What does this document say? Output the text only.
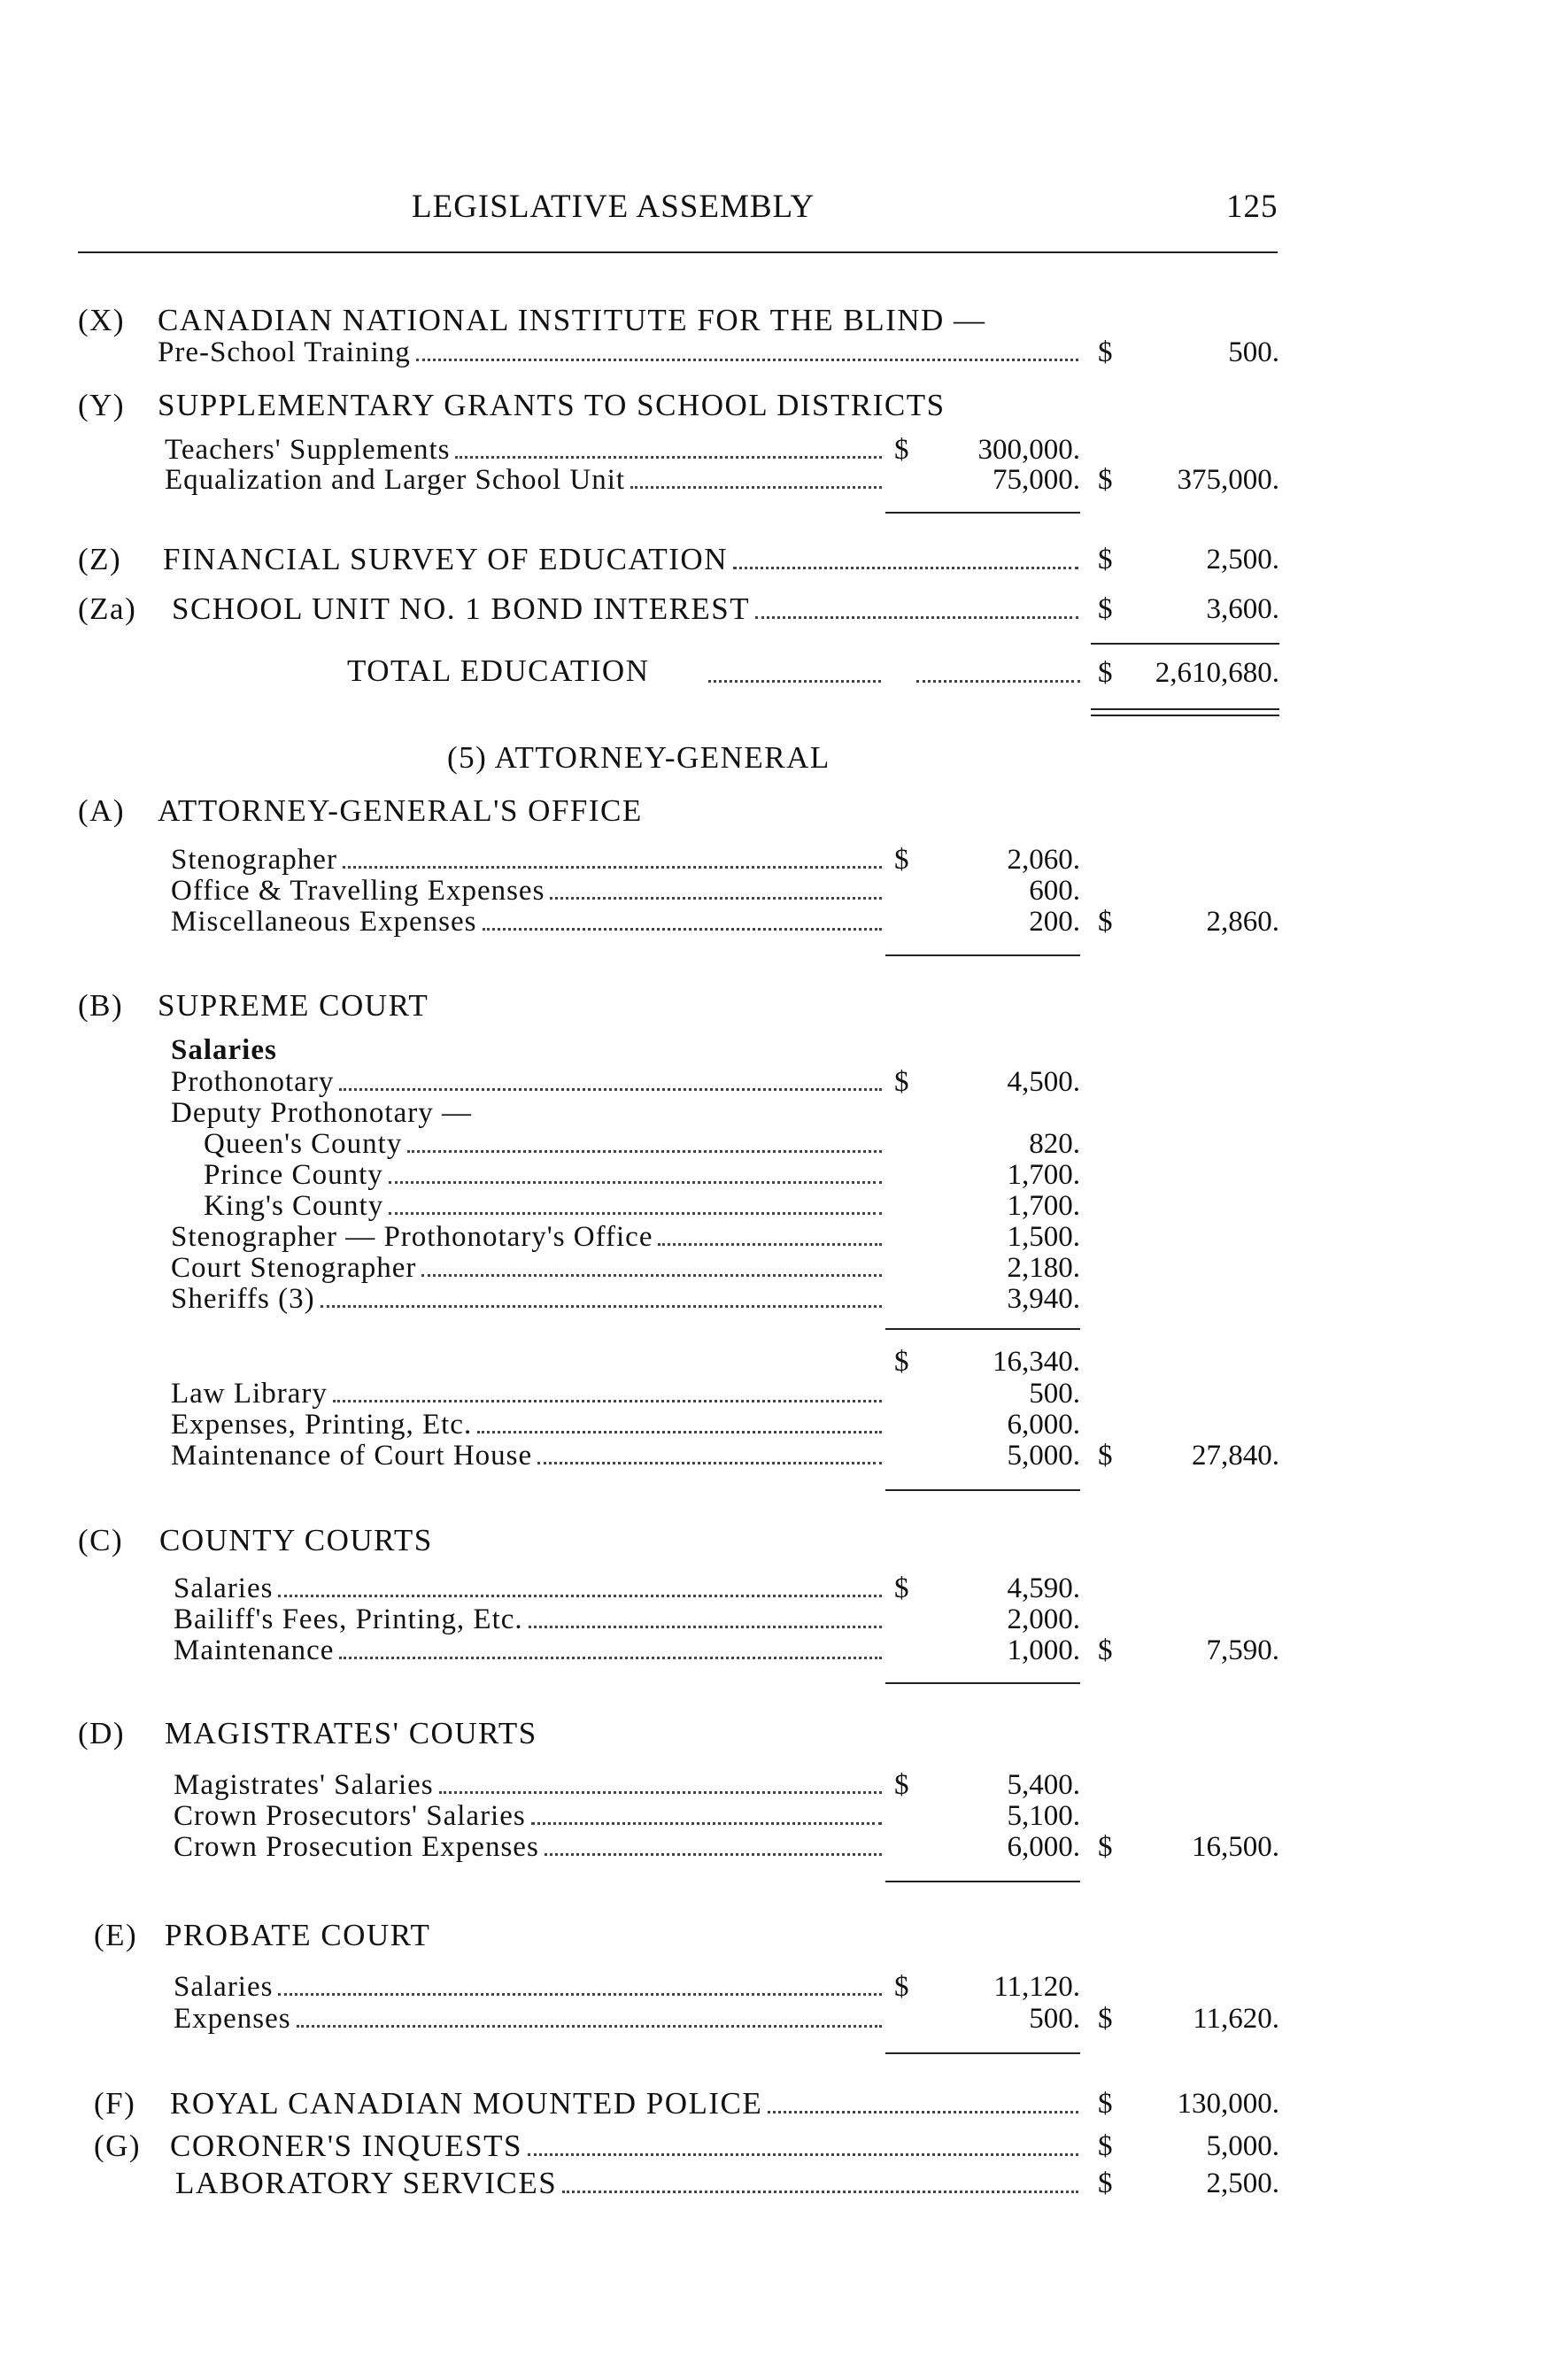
LEGISLATIVE ASSEMBLY	125
(X) CANADIAN NATIONAL INSTITUTE FOR THE BLIND —
Pre-School Training	$	500.
(Y) SUPPLEMENTARY GRANTS TO SCHOOL DISTRICTS
Teachers' Supplements	$	300,000.
Equalization and Larger School Unit	75,000. $	375,000.
(Z)	FINANCIAL SURVEY OF EDUCATION	$	2,500.
(Za)	SCHOOL UNIT NO. 1 BOND INTEREST	$	3,600.
TOTAL EDUCATION	$	2,610,680.
(5) ATTORNEY-GENERAL
(A) ATTORNEY-GENERAL'S OFFICE
Stenographer	$	2,060.
Office & Travelling Expenses	600.
Miscellaneous Expenses	200. $	2,860.
(B) SUPREME COURT
Salaries
Prothonotary	$	4,500.
Deputy Prothonotary —
Queen's County	820.
Prince County	1,700.
King's County	1,700.
Stenographer — Prothonotary's Office	1,500.
Court Stenographer	2,180.
Sheriffs (3)	3,940.
$	16,340.
Law Library	500.
Expenses, Printing, Etc.	6,000.
Maintenance of Court House	5,000. $	27,840.
(C) COUNTY COURTS
Salaries	$	4,590.
Bailiff's Fees, Printing, Etc.	2,000.
Maintenance	1,000. $	7,590.
(D) MAGISTRATES' COURTS
Magistrates' Salaries	$	5,400.
Crown Prosecutors' Salaries	5,100.
Crown Prosecution Expenses	6,000. $	16,500.
(E) PROBATE COURT
Salaries	$	11,120.
Expenses	500. $	11,620.
(F)	ROYAL CANADIAN MOUNTED POLICE	$	130,000.
(G) CORONER'S INQUESTS	$	5,000.
LABORATORY SERVICES	$	2,500.
